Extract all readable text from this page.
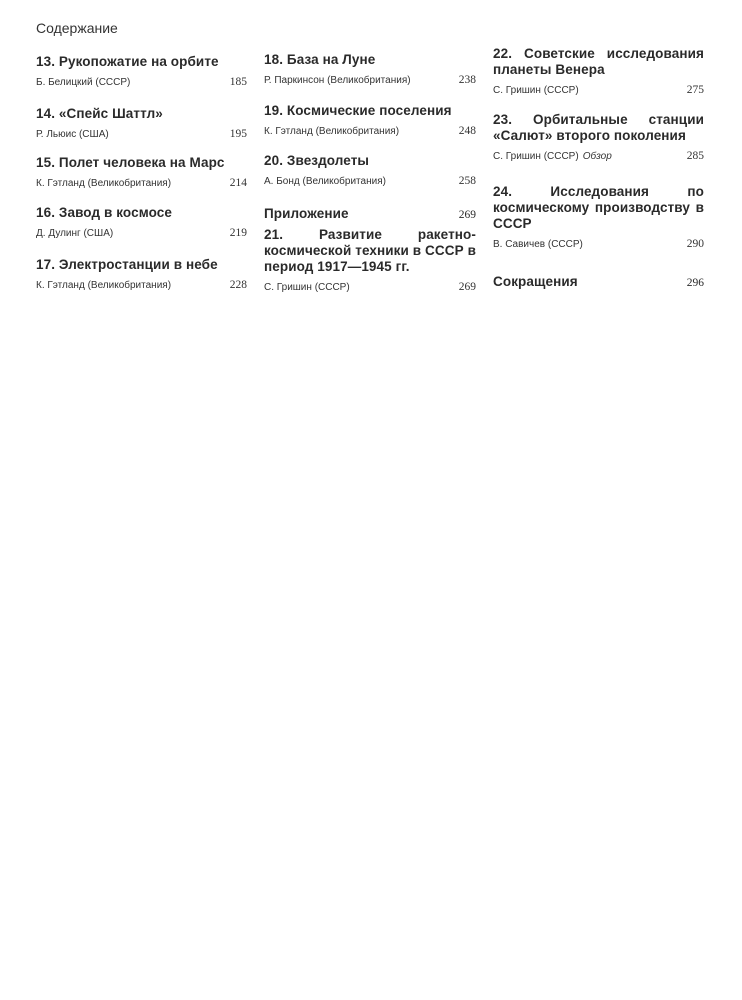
Содержание
13. Рукопожатие на орбите
Б. Белицкий (СССР)	185
14. «Спейс Шаттл»
Р. Льюис (США)	195
15. Полет человека на Марс
К. Гэтланд (Великобритания)	214
16. Завод в космосе
Д. Дулинг (США)	219
17. Электростанции в небе
К. Гэтланд (Великобритания)	228
18. База на Луне
Р. Паркинсон (Великобритания)	238
19. Космические поселения
К. Гэтланд (Великобритания)	248
20. Звездолеты
А. Бонд (Великобритания)	258
Приложение	269
21. Развитие ракетно-космической техники в СССР в период 1917—1945 гг.
С. Гришин (СССР)	269
22. Советские исследования планеты Венера
С. Гришин (СССР)	275
23. Орбитальные станции «Салют» второго поколения
С. Гришин (СССР) Обзор	285
24. Исследования по космическому производству в СССР
В. Савичев (СССР)	290
Сокращения	296
